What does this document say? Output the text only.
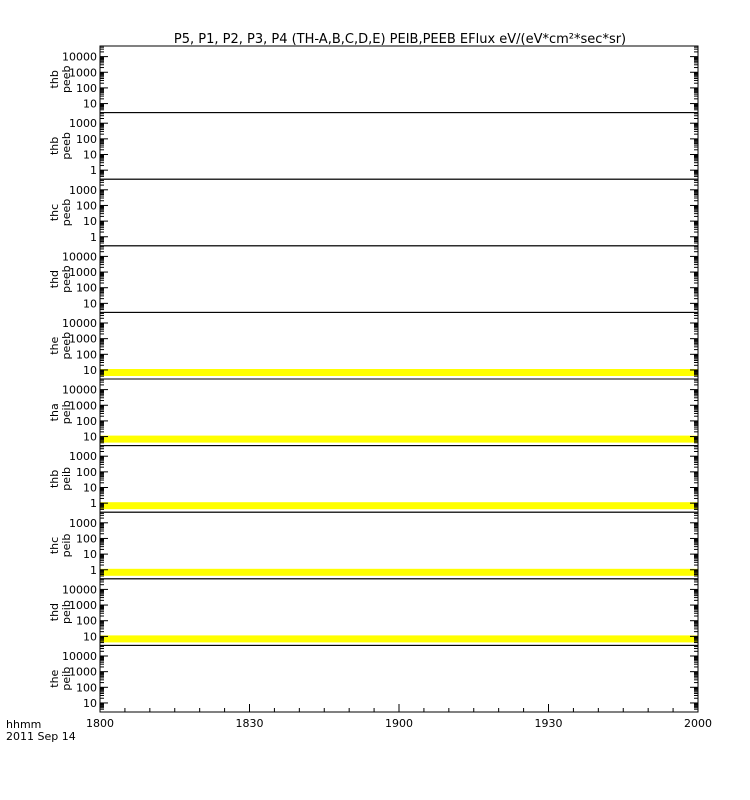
P5, P1, P2, P3, P4 (TH-A,B,C,D,E) PEIB,PEEB EFlux eV/(eV*cm²*sec*sr)
10
100
1000
10000
thbpeeb
1
10
100
1000
thbpeeb
1
10
100
1000
thcpeeb
10
100
1000
10000
thdpeeb
10
100
1000
10000
thepeeb
10
100
1000
10000
thapeib
1
10
100
1000
thbpeib
1
10
100
1000
thcpeib
10
100
1000
10000
thdpeib
10
100
1000
10000
thepeib
1800	1830	1900	1930	2000
hhmm
2011 Sep 14
